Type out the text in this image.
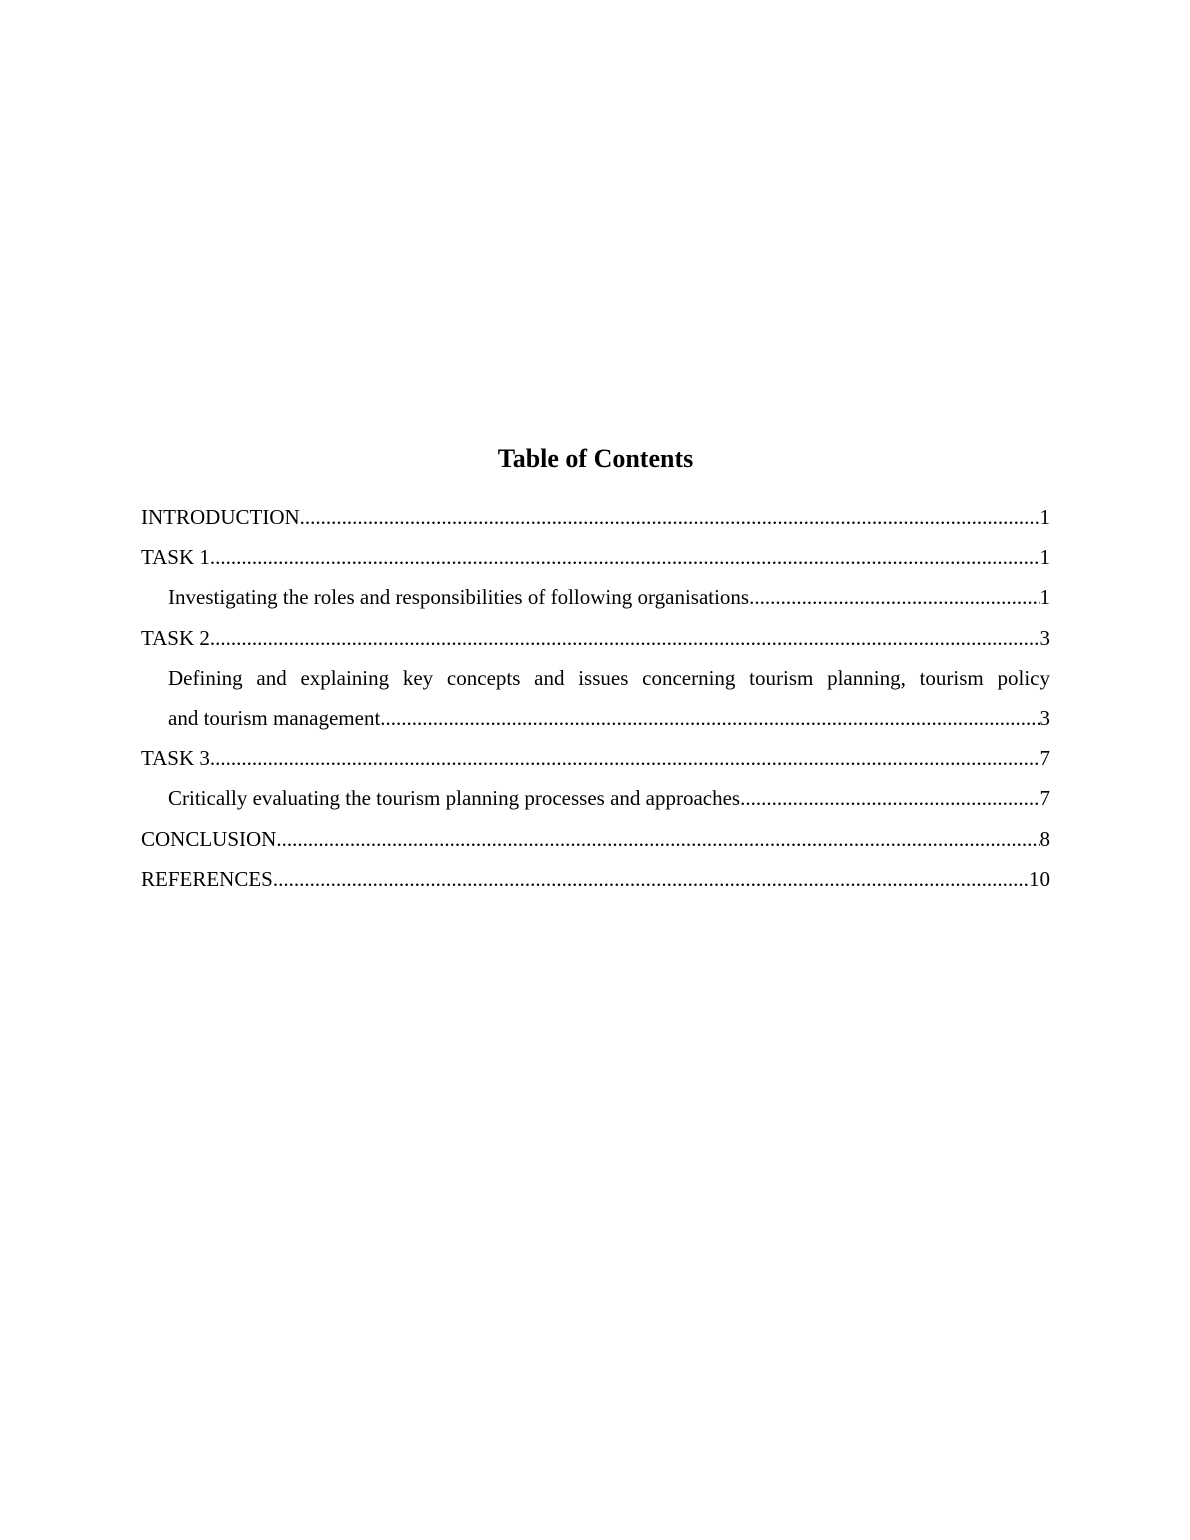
Table of Contents
INTRODUCTION .....	1
TASK 1 .....	1
Investigating the roles and responsibilities of following organisations .....	1
TASK 2 .....	3
Defining and explaining key concepts and issues concerning tourism planning, tourism policy
and tourism management .....	3
TASK 3 .....	7
Critically evaluating the tourism planning processes and approaches .....	7
CONCLUSION .....	8
REFERENCES .....	10
